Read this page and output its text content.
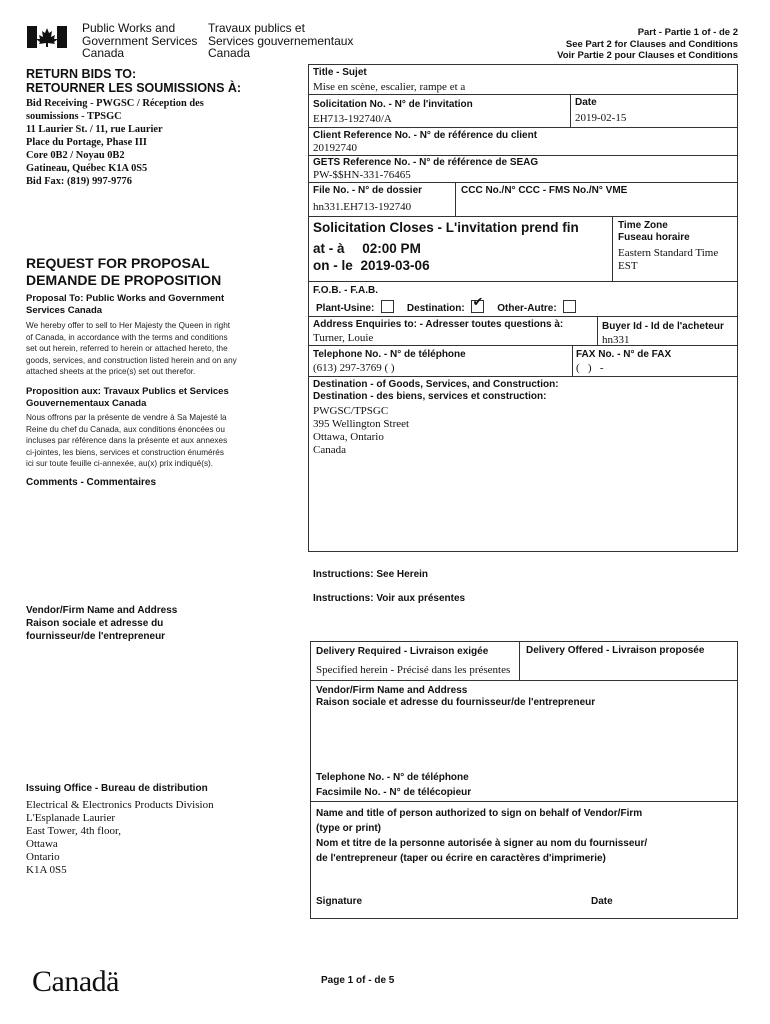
Public Works and
Government Services
Canada
Travaux publics et
Services gouvernementaux
Canada
Part - Partie 1 of - de 2
See Part 2 for Clauses and Conditions
Voir Partie 2 pour Clauses et Conditions
RETURN BIDS TO:
RETOURNER LES SOUMISSIONS À:
Bid Receiving - PWGSC / Réception des
soumissions - TPSGC
11 Laurier St. / 11, rue Laurier
Place du Portage, Phase III
Core 0B2 / Noyau 0B2
Gatineau, Québec K1A 0S5
Bid Fax: (819) 997-9776
REQUEST FOR PROPOSAL
DEMANDE DE PROPOSITION
Proposal To: Public Works and Government
Services Canada
We hereby offer to sell to Her Majesty the Queen in right
of Canada, in accordance with the terms and conditions
set out herein, referred to herein or attached hereto, the
goods, services, and construction listed herein and on any
attached sheets at the price(s) set out therefor.
Proposition aux: Travaux Publics et Services
Gouvernementaux Canada
Nous offrons par la présente de vendre à Sa Majesté la
Reine du chef du Canada, aux conditions énoncées ou
incluses par référence dans la présente et aux annexes
ci-jointes, les biens, services et construction énumérés
ici sur toute feuille ci-annexée, au(x) prix indiqué(s).
Comments - Commentaires
Vendor/Firm Name and Address
Raison sociale et adresse du
fournisseur/de l'entrepreneur
Issuing Office - Bureau de distribution
Electrical & Electronics Products Division
L'Esplanade Laurier
East Tower, 4th floor,
Ottawa
Ontario
K1A 0S5
Title - Sujet
Mise en scène, escalier, rampe et a
Solicitation No. - N° de l'invitation
EH713-192740/A
Date
2019-02-15
Client Reference No. - N° de référence du client
20192740
GETS Reference No. - N° de référence de SEAG
PW-$$HN-331-76465
File No. - N° de dossier
hn331.EH713-192740
CCC No./N° CCC - FMS No./N° VME
Solicitation Closes - L'invitation prend fin
at - à 02:00 PM
on - le 2019-03-06
Time Zone
Fuseau horaire
Eastern Standard Time
EST
F.O.B. - F.A.B.
Plant-Usine:	Destination: ✔	Other-Autre:
Address Enquiries to: - Adresser toutes questions à:
Turner, Louie
Buyer Id - Id de l'acheteur
hn331
Telephone No. - N° de téléphone
(613) 297-3769 ( )
FAX No. - N° de FAX
(   )   -
Destination - of Goods, Services, and Construction:
Destination - des biens, services et construction:
PWGSC/TPSGC
395 Wellington Street
Ottawa, Ontario
Canada
Instructions: See Herein
Instructions: Voir aux présentes
Delivery Required - Livraison exigée
Specified herein - Précisé dans les présentes
Delivery Offered - Livraison proposée
Vendor/Firm Name and Address
Raison sociale et adresse du fournisseur/de l'entrepreneur
Telephone No. - N° de téléphone
Facsimile No. - N° de télécopieur
Name and title of person authorized to sign on behalf of Vendor/Firm
(type or print)
Nom et titre de la personne autorisée à signer au nom du fournisseur/
de l'entrepreneur (taper ou écrire en caractères d'imprimerie)
Signature	Date
Canadä	Page 1 of - de 5
